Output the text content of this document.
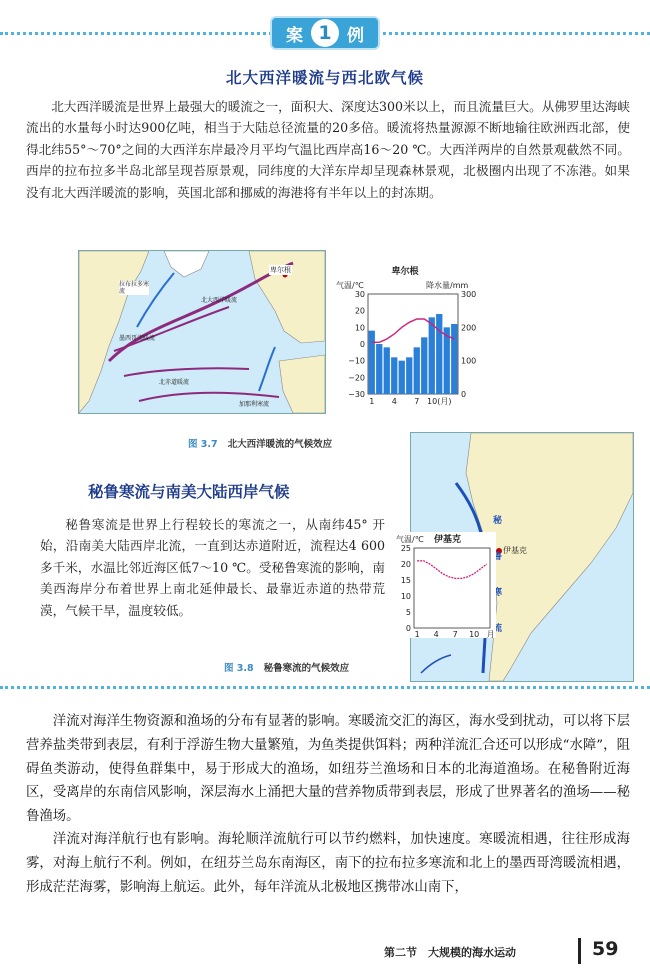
案 1 例
北大西洋暖流与西北欧气候
北大西洋暖流是世界上最强大的暖流之一，面积大、深度达300米以上，而且流量巨大。从佛罗里达海峡流出的水量每小时达900亿吨，相当于大陆总径流量的20多倍。暖流将热量源源不断地输往欧洲西北部，使得北纬55°～70°之间的大西洋东岸最冷月平均气温比西岸高16～20 ℃。大西洋两岸的自然景观截然不同。西岸的拉布拉多半岛北部呈现苔原景观，同纬度的大洋东岸却呈现森林景观，北极圈内出现了不冻港。如果没有北大西洋暖流的影响，英国北部和挪威的海港将有半年以上的封冻期。
卑尔根
拉布拉多寒流
北大西洋暖流
墨西哥湾暖流
北赤道暖流
加那利寒流
卑尔根
气温/℃	降水量/mm
30
20
10
0
−10
−20
−30
300
200
100
0
1 4 7 10(月)
图 3.7 北大西洋暖流的气候效应
秘鲁寒流与南美大陆西岸气候
秘鲁寒流是世界上行程较长的寒流之一，从南纬45° 开始，沿南美大陆西岸北流，一直到达赤道附近，流程达4 600多千米，水温比邻近海区低7～10 ℃。受秘鲁寒流的影响，南美西海岸分布着世界上南北延伸最长、最靠近赤道的热带荒漠，气候干旱，温度较低。
秘鲁寒流
伊基克
气温/℃ 伊基克
25
20
15
10
5
0
1 4 7 10 月
图 3.8 秘鲁寒流的气候效应
洋流对海洋生物资源和渔场的分布有显著的影响。寒暖流交汇的海区，海水受到扰动，可以将下层营养盐类带到表层，有利于浮游生物大量繁殖，为鱼类提供饵料；两种洋流汇合还可以形成“水障”，阻碍鱼类游动，使得鱼群集中，易于形成大的渔场，如纽芬兰渔场和日本的北海道渔场。在秘鲁附近海区，受离岸的东南信风影响，深层海水上涌把大量的营养物质带到表层，形成了世界著名的渔场——秘鲁渔场。
洋流对海洋航行也有影响。海轮顺洋流航行可以节约燃料，加快速度。寒暖流相遇，往往形成海雾，对海上航行不利。例如，在纽芬兰岛东南海区，南下的拉布拉多寒流和北上的墨西哥湾暖流相遇，形成茫茫海雾，影响海上航运。此外，每年洋流从北极地区携带冰山南下，
第二节　大规模的海水运动	59
